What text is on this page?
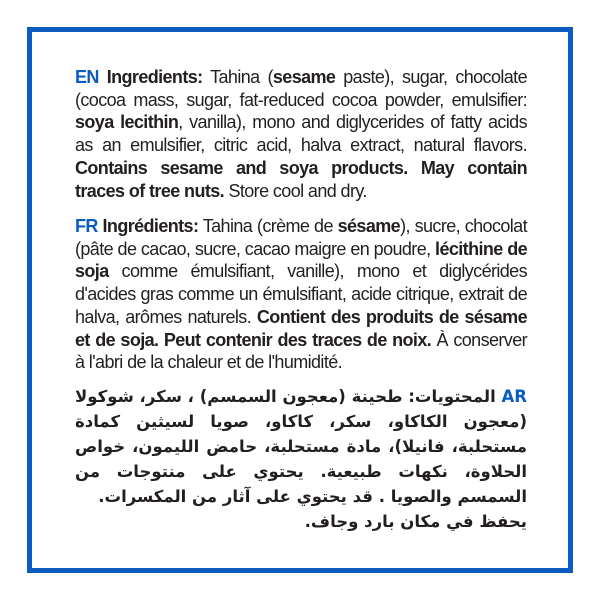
EN Ingredients: Tahina (sesame paste), sugar, chocolate (cocoa mass, sugar, fat-reduced cocoa powder, emulsifier: soya lecithin, vanilla), mono and diglycerides of fatty acids as an emulsifier, citric acid, halva extract, natural flavors. Contains sesame and soya products. May contain traces of tree nuts. Store cool and dry.
FR Ingrédients: Tahina (crème de sésame), sucre, chocolat (pâte de cacao, sucre, cacao maigre en poudre, lécithine de soja comme émulsifiant, vanille), mono et diglycérides d'acides gras comme un émulsifiant, acide citrique, extrait de halva, arômes naturels. Contient des produits de sésame et de soja. Peut contenir des traces de noix. À conserver à l'abri de la chaleur et de l'humidité.
AR المحتويات: طحينة (معجون السمسم) ، سكر، شوكولا (معجون الكاكاو، سكر، كاكاو، صويا لسيثين كمادة مستحلبة، فانيلا)، مادة مستحلبة، حامض الليمون، خواص الحلاوة، نكهات طبيعية. يحتوي على منتوجات من السمسم والصويا . قد يحتوي على آثار من المكسرات.
يحفظ في مكان بارد وجاف.
